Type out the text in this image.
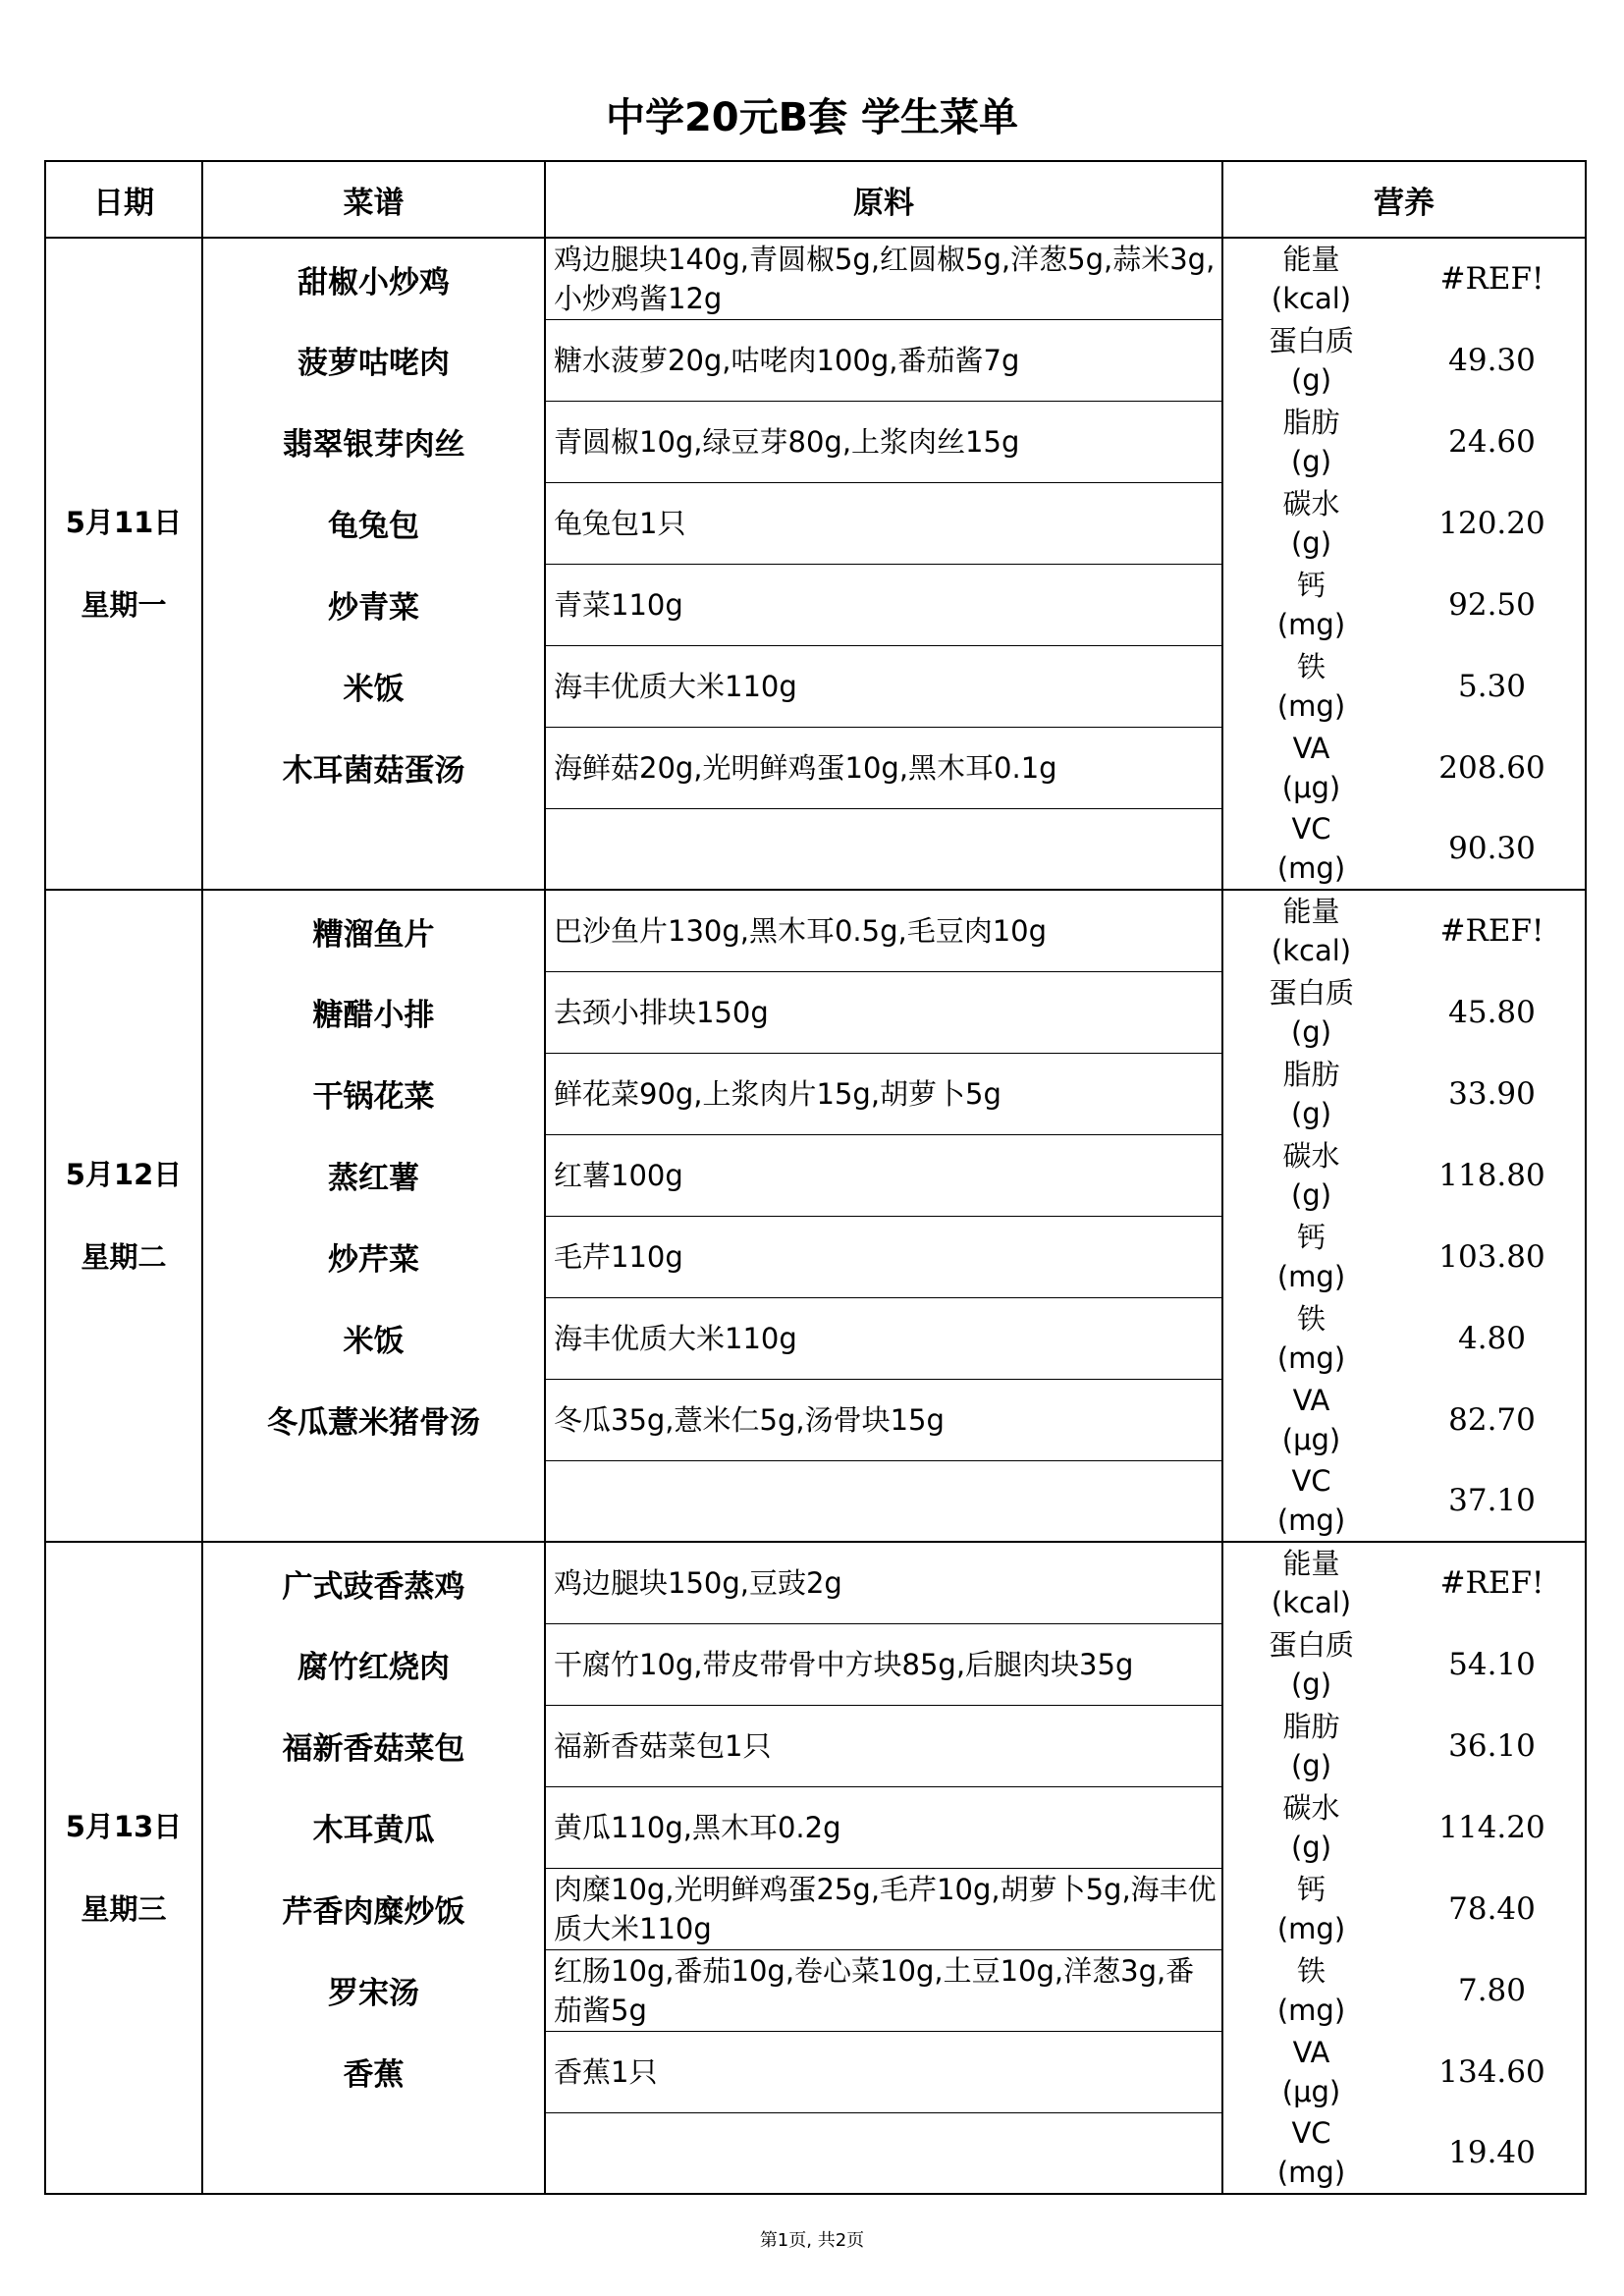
中学20元B套 学生菜单
日期	菜谱	原料	营养	

5月11日
星期一	甜椒小炒鸡	鸡边腿块140g,青圆椒5g,红圆椒5g,洋葱5g,蒜米3g,小炒鸡酱12g	能量
(kcal)	#REF!
	菠萝咕咾肉	糖水菠萝20g,咕咾肉100g,番茄酱7g	蛋白质
(g)	49.30
	翡翠银芽肉丝	青圆椒10g,绿豆芽80g,上浆肉丝15g	脂肪
(g)	24.60
	龟兔包	龟兔包1只	碳水
(g)	120.20
	炒青菜	青菜110g	钙
(mg)	92.50
	米饭	海丰优质大米110g	铁
(mg)	5.30
	木耳菌菇蛋汤	海鲜菇20g,光明鲜鸡蛋10g,黑木耳0.1g	VA
(μg)	208.60

			VC
(mg)	90.30

5月12日
星期二	糟溜鱼片	巴沙鱼片130g,黑木耳0.5g,毛豆肉10g	能量
(kcal)	#REF!
	糖醋小排	去颈小排块150g	蛋白质
(g)	45.80
	干锅花菜	鲜花菜90g,上浆肉片15g,胡萝卜5g	脂肪
(g)	33.90
	蒸红薯	红薯100g	碳水
(g)	118.80
	炒芹菜	毛芹110g	钙
(mg)	103.80
	米饭	海丰优质大米110g	铁
(mg)	4.80
	冬瓜薏米猪骨汤	冬瓜35g,薏米仁5g,汤骨块15g	VA
(μg)	82.70

			VC
(mg)	37.10

5月13日
星期三	广式豉香蒸鸡	鸡边腿块150g,豆豉2g	能量
(kcal)	#REF!
	腐竹红烧肉	干腐竹10g,带皮带骨中方块85g,后腿肉块35g	蛋白质
(g)	54.10
	福新香菇菜包	福新香菇菜包1只	脂肪
(g)	36.10
	木耳黄瓜	黄瓜110g,黑木耳0.2g	碳水
(g)	114.20
	芹香肉糜炒饭	肉糜10g,光明鲜鸡蛋25g,毛芹10g,胡萝卜5g,海丰优质大米110g	钙
(mg)	78.40
	罗宋汤	红肠10g,番茄10g,卷心菜10g,土豆10g,洋葱3g,番茄酱5g	铁
(mg)	7.80
	香蕉	香蕉1只	VA
(μg)	134.60

			VC
(mg)	19.40
第1页, 共2页
